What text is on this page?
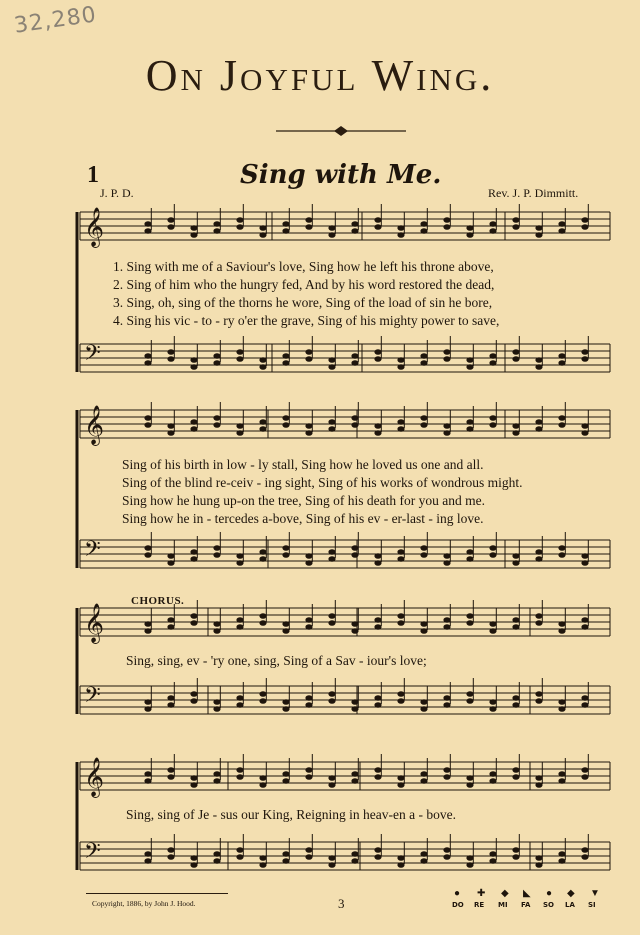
32,280
On Joyful Wing.
1	Sing with Me.
J. P. D.	Rev. J. P. Dimmitt.
𝄞
𝄢
𝄞
𝄢
𝄞
𝄢
𝄞
𝄢
1. Sing with me of a Saviour's love, Sing how he left his throne above,
2. Sing of him who the hungry fed, And by his word restored the dead,
3. Sing, oh, sing of the thorns he wore, Sing of the load of sin he bore,
4. Sing his vic - to - ry o'er the grave, Sing of his mighty power to save,
Sing of his birth in low - ly stall, Sing how he loved us one and all.
Sing of the blind re-ceiv - ing sight, Sing of his works of wondrous might.
Sing how he hung up-on the tree, Sing of his death for you and me.
Sing how he in - tercedes a-bove, Sing of his ev - er-last - ing love.
CHORUS.
Sing, sing, ev - 'ry one, sing, Sing of a Sav - iour's love;
Sing, sing of Je - sus our King, Reigning in heav-en a - bove.
Copyright, 1886, by John J. Hood.	3
● ✚ ◆ ◣ ● ◆ ▼
DO RE MI FA SO LA SI
